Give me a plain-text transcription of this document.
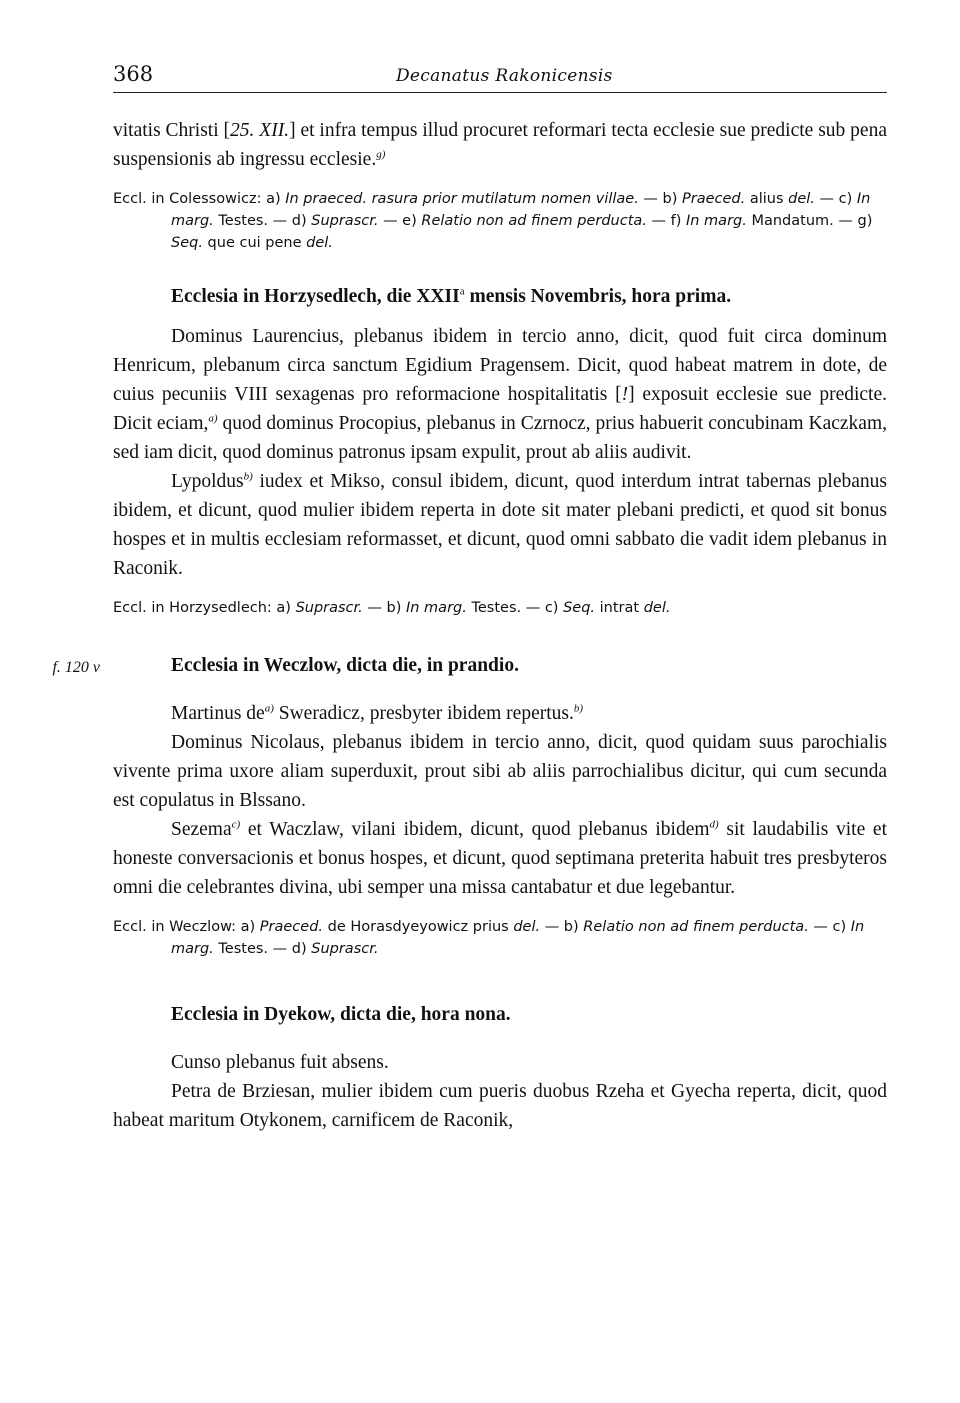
368	Decanatus Rakonicensis

vitatis Christi [25. XII.] et infra tempus illud procuret reformari tecta ecclesie sue predicte sub pena suspensionis ab ingressu ecclesie.$^{g)}$

Eccl. in Colessowicz: a) In praeced. rasura prior mutilatum nomen villae. — b) Praeced. alius del. — c) In marg. Testes. — d) Suprascr. — e) Relatio non ad finem perducta. — f) In marg. Mandatum. — g) Seq. que cui pene del.

Ecclesia in Horzysedlech, die XXII$^a$ mensis Novembris, hora prima.

Dominus Laurencius, plebanus ibidem in tercio anno, dicit, quod fuit circa dominum Henricum, plebanum circa sanctum Egidium Pragensem. Dicit, quod habeat matrem in dote, de cuius pecuniis VIII sexagenas pro reformacione hospitalitatis [!] exposuit ecclesie sue predicte. Dicit eciam,$^{a)}$ quod dominus Procopius, plebanus in Czrnocz, prius habuerit concubinam Kaczkam, sed iam dicit, quod dominus patronus ipsam expulit, prout ab aliis audivit.

Lypoldus$^{b)}$ iudex et Mikso, consul ibidem, dicunt, quod interdum intrat tabernas plebanus ibidem, et dicunt, quod mulier ibidem reperta in dote sit mater plebani predicti, et quod sit bonus hospes et in multis ecclesiam reformasset, et dicunt, quod omni sabbato die vadit idem plebanus in Raconik.

Eccl. in Horzysedlech: a) Suprascr. — b) In marg. Testes. — c) Seq. intrat del.

f. 120 v	Ecclesia in Weczlow, dicta die, in prandio.

Martinus $de^{a)}$ Sweradicz, presbyter ibidem repertus.$^{b)}$

Dominus Nicolaus, plebanus ibidem in tercio anno, dicit, quod quidam suus parochialis vivente prima uxore aliam superduxit, prout sibi ab aliis parrochialibus dicitur, qui cum secunda est copulatus in Blssano.

Sezema$^{c)}$ et Waczlaw, vilani ibidem, dicunt, quod plebanus ibidem$^{d)}$ sit laudabilis vite et honeste conversacionis et bonus hospes, et dicunt, quod septimana preterita habuit tres presbyteros omni die celebrantes divina, ubi semper una missa cantabatur et due legebantur.

Eccl. in Weczlow: a) Praeced. de Horasdyeyowicz prius del. — b) Relatio non ad finem perducta. — c) In marg. Testes. — d) Suprascr.

Ecclesia in Dyekow, dicta die, hora nona.

Cunso plebanus fuit absens.

Petra de Brziesan, mulier ibidem cum pueris duobus Rzeha et Gyecha reperta, dicit, quod habeat maritum Otykonem, carnificem de Raconik,
